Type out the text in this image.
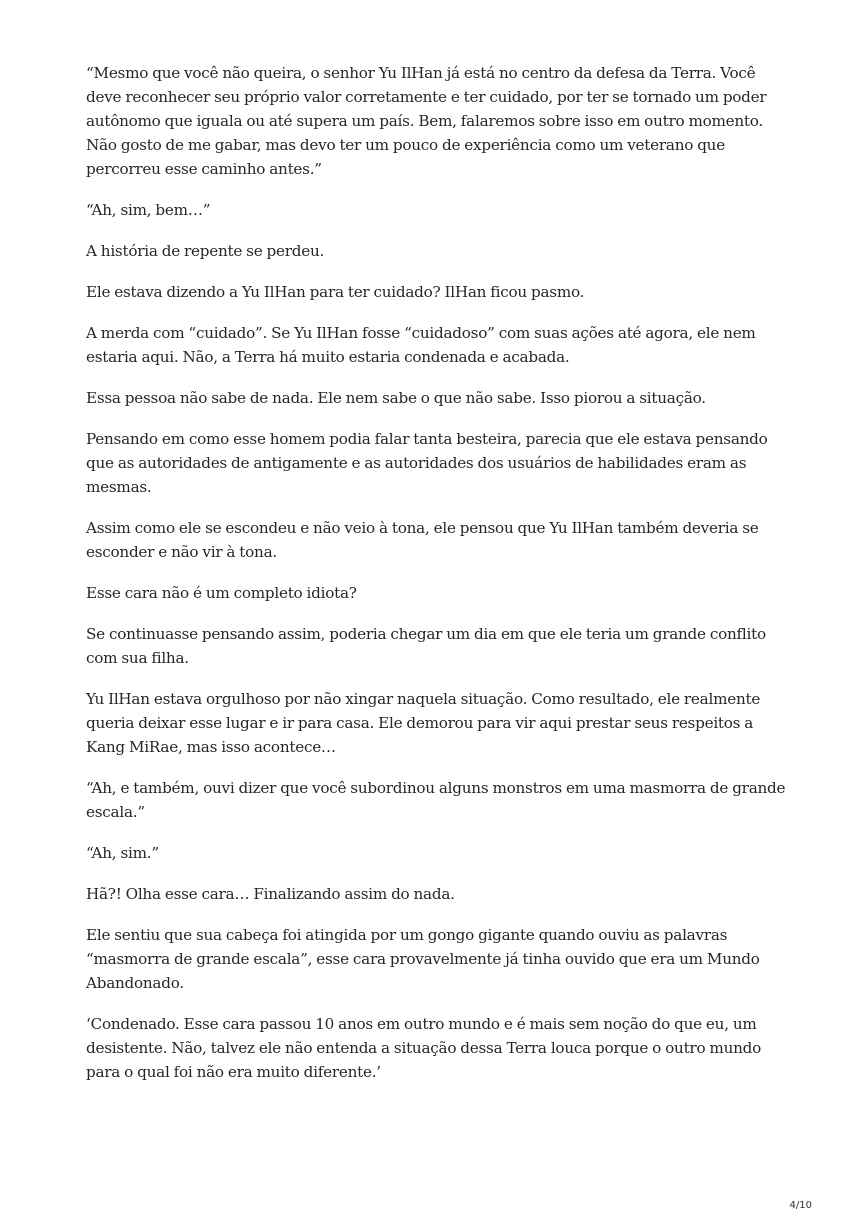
“Mesmo que você não queira, o senhor Yu IlHan já está no centro da defesa da Terra. Você deve reconhecer seu próprio valor corretamente e ter cuidado, por ter se tornado um poder autônomo que iguala ou até supera um país. Bem, falaremos sobre isso em outro momento. Não gosto de me gabar, mas devo ter um pouco de experiência como um veterano que percorreu esse caminho antes.”

“Ah, sim, bem…”

A história de repente se perdeu.

Ele estava dizendo a Yu IlHan para ter cuidado? IlHan ficou pasmo.

A merda com “cuidado”. Se Yu IlHan fosse “cuidadoso” com suas ações até agora, ele nem estaria aqui. Não, a Terra há muito estaria condenada e acabada.

Essa pessoa não sabe de nada. Ele nem sabe o que não sabe. Isso piorou a situação.

Pensando em como esse homem podia falar tanta besteira, parecia que ele estava pensando que as autoridades de antigamente e as autoridades dos usuários de habilidades eram as mesmas.

Assim como ele se escondeu e não veio à tona, ele pensou que Yu IlHan também deveria se esconder e não vir à tona.

Esse cara não é um completo idiota?

Se continuasse pensando assim, poderia chegar um dia em que ele teria um grande conflito com sua filha.

Yu IlHan estava orgulhoso por não xingar naquela situação. Como resultado, ele realmente queria deixar esse lugar e ir para casa. Ele demorou para vir aqui prestar seus respeitos a Kang MiRae, mas isso acontece…

“Ah, e também, ouvi dizer que você subordinou alguns monstros em uma masmorra de grande escala.”

“Ah, sim.”

Hã?! Olha esse cara… Finalizando assim do nada.

Ele sentiu que sua cabeça foi atingida por um gongo gigante quando ouviu as palavras “masmorra de grande escala”, esse cara provavelmente já tinha ouvido que era um Mundo Abandonado.

‘Condenado. Esse cara passou 10 anos em outro mundo e é mais sem noção do que eu, um desistente. Não, talvez ele não entenda a situação dessa Terra louca porque o outro mundo para o qual foi não era muito diferente.’

4/10
